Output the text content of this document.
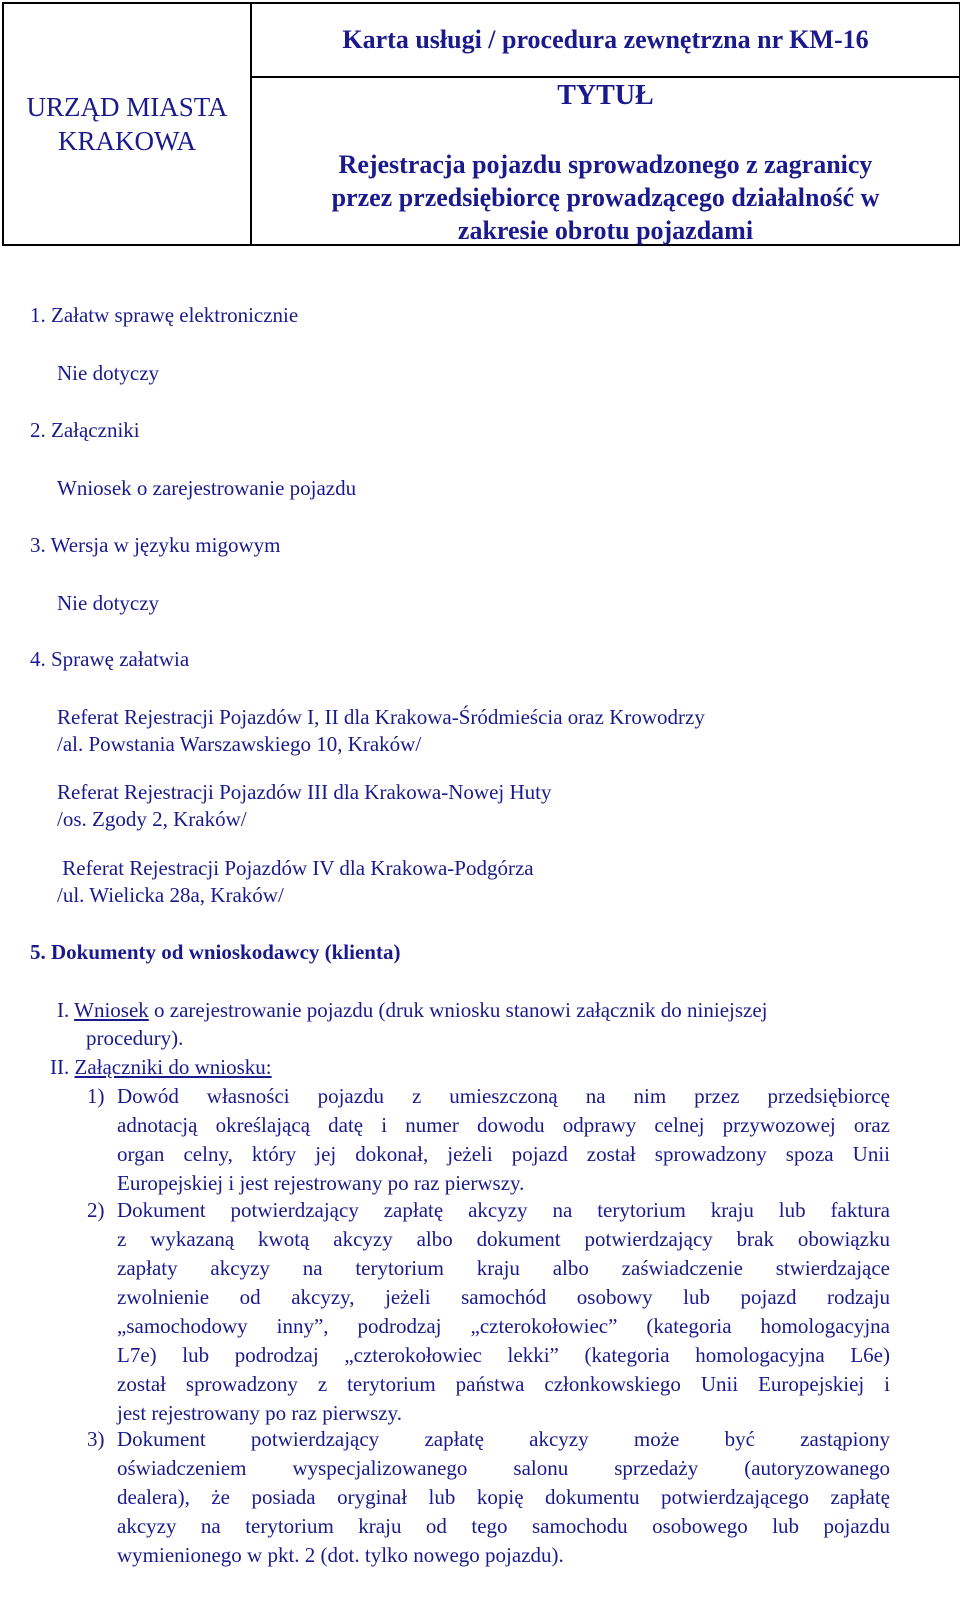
URZĄD MIASTA
KRAKOWA
Karta usługi / procedura zewnętrzna nr KM-16
TYTUŁ
Rejestracja pojazdu sprowadzonego z zagranicy
przez przedsiębiorcę prowadzącego działalność w
zakresie obrotu pojazdami
1. Załatw sprawę elektronicznie
Nie dotyczy
2. Załączniki
Wniosek o zarejestrowanie pojazdu
3. Wersja w języku migowym
Nie dotyczy
4. Sprawę załatwia
Referat Rejestracji Pojazdów I, II dla Krakowa-Śródmieścia oraz Krowodrzy
/al. Powstania Warszawskiego 10, Kraków/
Referat Rejestracji Pojazdów III dla Krakowa-Nowej Huty
/os. Zgody 2, Kraków/
Referat Rejestracji Pojazdów IV dla Krakowa-Podgórza
/ul. Wielicka 28a, Kraków/
5. Dokumenty od wnioskodawcy (klienta)
I. Wniosek o zarejestrowanie pojazdu (druk wniosku stanowi załącznik do niniejszej
procedury).
II. Załączniki do wniosku:
1) Dowód własności pojazdu z umieszczoną na nim przez przedsiębiorcę
adnotacją określającą datę i numer dowodu odprawy celnej przywozowej oraz
organ celny, który jej dokonał, jeżeli pojazd został sprowadzony spoza Unii
Europejskiej i jest rejestrowany po raz pierwszy.
2) Dokument potwierdzający zapłatę akcyzy na terytorium kraju lub faktura
z wykazaną kwotą akcyzy albo dokument potwierdzający brak obowiązku
zapłaty akcyzy na terytorium kraju albo zaświadczenie stwierdzające
zwolnienie od akcyzy, jeżeli samochód osobowy lub pojazd rodzaju
„samochodowy inny”, podrodzaj „czterokołowiec” (kategoria homologacyjna
L7e) lub podrodzaj „czterokołowiec lekki” (kategoria homologacyjna L6e)
został sprowadzony z terytorium państwa członkowskiego Unii Europejskiej i
jest rejestrowany po raz pierwszy.
3) Dokument potwierdzający zapłatę akcyzy może być zastąpiony
oświadczeniem wyspecjalizowanego salonu sprzedaży (autoryzowanego
dealera), że posiada oryginał lub kopię dokumentu potwierdzającego zapłatę
akcyzy na terytorium kraju od tego samochodu osobowego lub pojazdu
wymienionego w pkt. 2 (dot. tylko nowego pojazdu).
